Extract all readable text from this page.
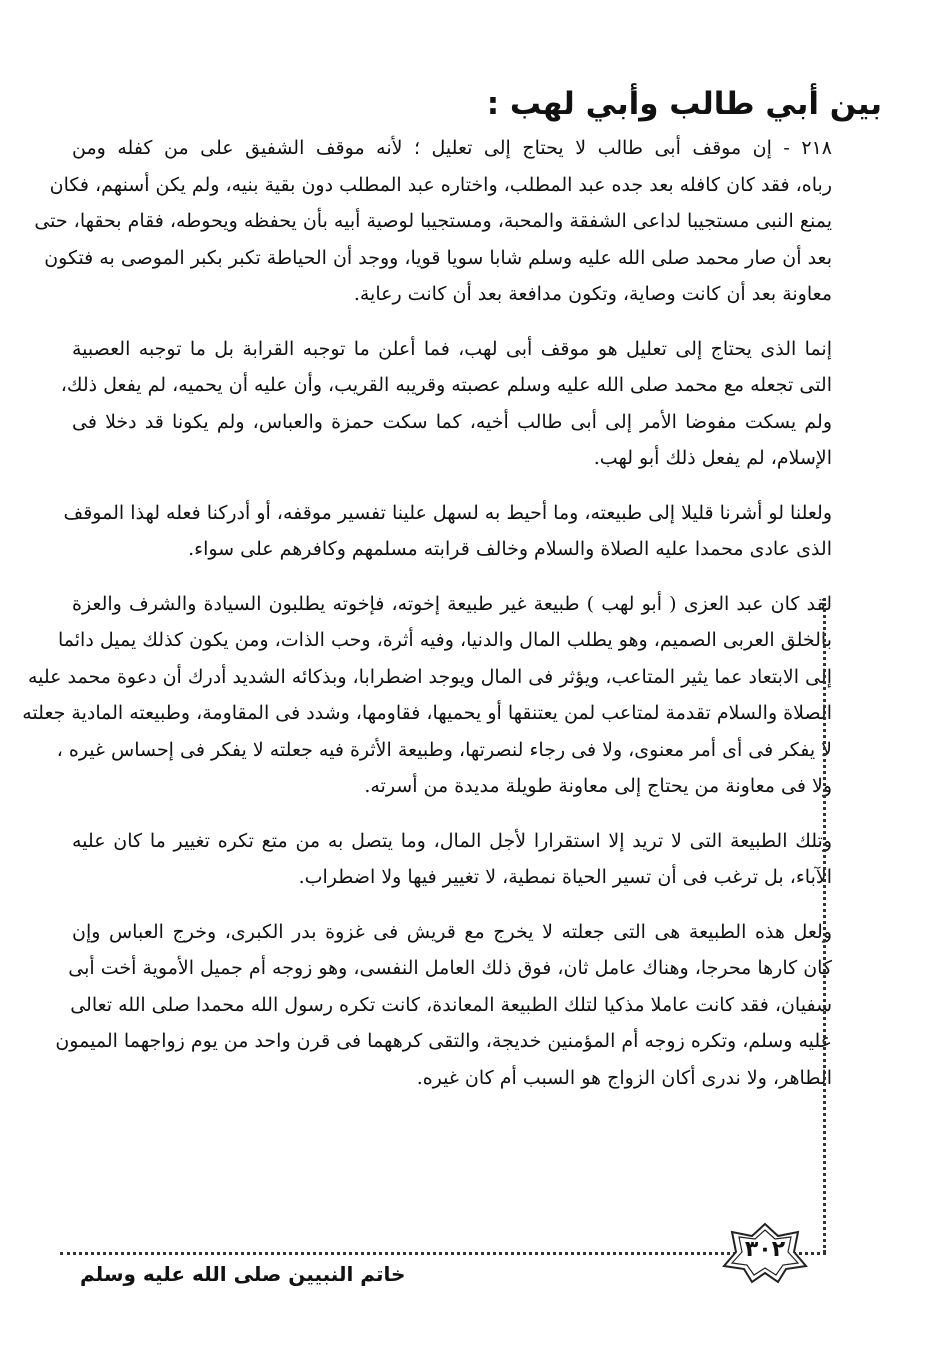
بين أبي طالب وأبي لهب :
٢١٨ - إن موقف أبى طالب لا يحتاج إلى تعليل ؛ لأنه موقف الشفيق على من كفله ومن
رباه، فقد كان كافله بعد جده عبد المطلب، واختاره عبد المطلب دون بقية بنيه، ولم يكن أسنهم، فكان
يمنع النبى مستجيبا لداعى الشفقة والمحبة، ومستجيبا لوصية أبيه بأن يحفظه ويحوطه، فقام بحقها، حتى
بعد أن صار محمد صلى الله عليه وسلم شابا سويا قويا، ووجد أن الحياطة تكبر بكبر الموصى به فتكون
معاونة بعد أن كانت وصاية، وتكون مدافعة بعد أن كانت رعاية.
إنما الذى يحتاج إلى تعليل هو موقف أبى لهب، فما أعلن ما توجبه القرابة بل ما توجبه العصبية
التى تجعله مع محمد صلى الله عليه وسلم عصبته وقريبه القريب، وأن عليه أن يحميه، لم يفعل ذلك،
ولم يسكت مفوضا الأمر إلى أبى طالب أخيه، كما سكت حمزة والعباس، ولم يكونا قد دخلا فى
الإسلام، لم يفعل ذلك أبو لهب.
ولعلنا لو أشرنا قليلا إلى طبيعته، وما أحيط به لسهل علينا تفسير موقفه، أو أدركنا فعله لهذا الموقف
الذى عادى محمدا عليه الصلاة والسلام وخالف قرابته مسلمهم وكافرهم على سواء.
لقد كان عبد العزى ( أبو لهب ) طبيعة غير طبيعة إخوته، فإخوته يطلبون السيادة والشرف والعزة
بالخلق العربى الصميم، وهو يطلب المال والدنيا، وفيه أثرة، وحب الذات، ومن يكون كذلك يميل دائما
إلى الابتعاد عما يثير المتاعب، ويؤثر فى المال ويوجد اضطرابا، وبذكائه الشديد أدرك أن دعوة محمد عليه
الصلاة والسلام تقدمة لمتاعب لمن يعتنقها أو يحميها، فقاومها، وشدد فى المقاومة، وطبيعته المادية جعلته
لا يفكر فى أى أمر معنوى، ولا فى رجاء لنصرتها، وطبيعة الأثرة فيه جعلته لا يفكر فى إحساس غيره ،
ولا فى معاونة من يحتاج إلى معاونة طويلة مديدة من أسرته.
وتلك الطبيعة التى لا تريد إلا استقرارا لأجل المال، وما يتصل به من متع تكره تغيير ما كان عليه
الآباء، بل ترغب فى أن تسير الحياة نمطية، لا تغيير فيها ولا اضطراب.
ولعل هذه الطبيعة هى التى جعلته لا يخرج مع قريش فى غزوة بدر الكبرى، وخرج العباس وإن
كان كارها محرجا، وهناك عامل ثان، فوق ذلك العامل النفسى، وهو زوجه أم جميل الأموية أخت أبى
سفيان، فقد كانت عاملا مذكيا لتلك الطبيعة المعاندة، كانت تكره رسول الله محمدا صلى الله تعالى
عليه وسلم، وتكره زوجه أم المؤمنين خديجة، والتقى كرههما فى قرن واحد من يوم زواجهما الميمون
الطاهر، ولا ندرى أكان الزواج هو السبب أم كان غيره.
٣٠٢
خاتم النبيين صلى الله عليه وسلم
